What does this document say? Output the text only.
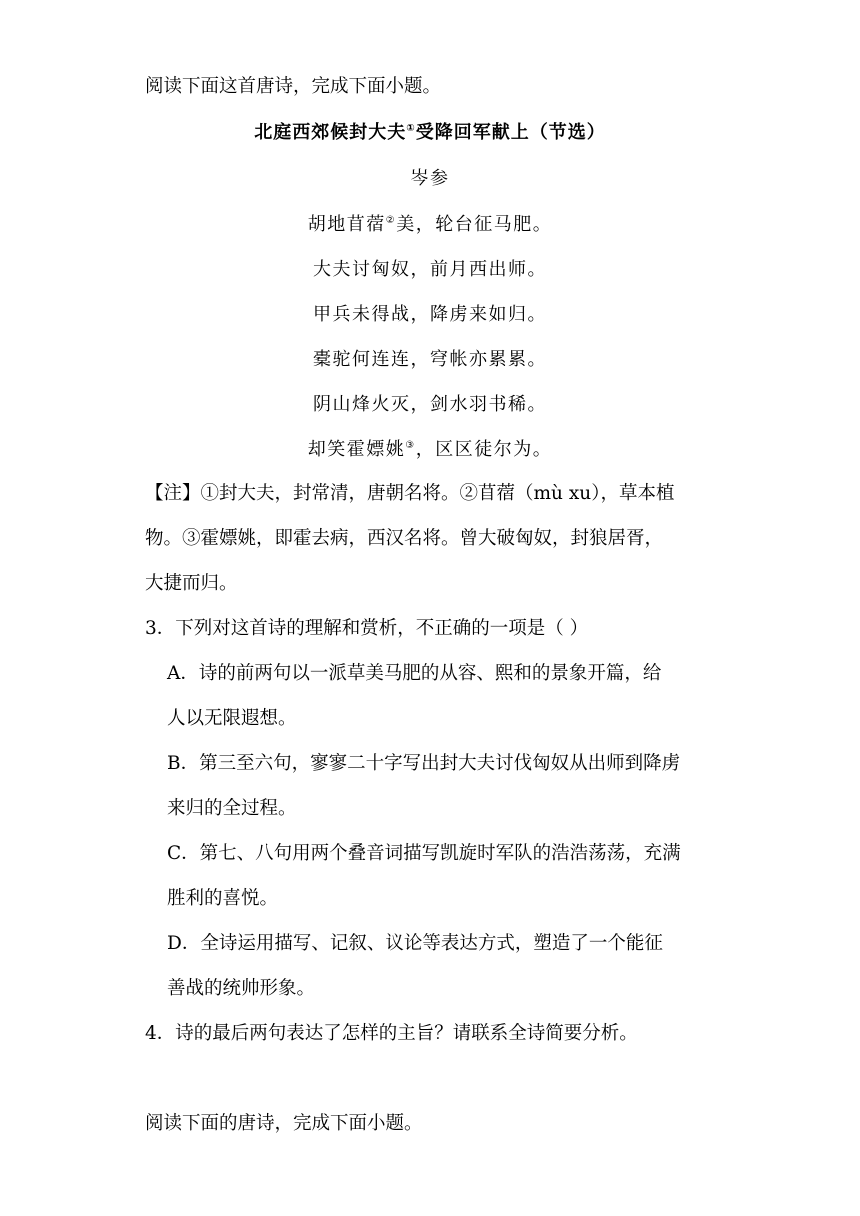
阅读下面这首唐诗，完成下面小题。
北庭西郊候封大夫①受降回军献上（节选）
岑参
胡地苜蓿②美，轮台征马肥。
大夫讨匈奴，前月西出师。
甲兵未得战，降虏来如归。
橐驼何连连，穹帐亦累累。
阴山烽火灭，剑水羽书稀。
却笑霍嫖姚③，区区徒尔为。
【注】①封大夫，封常清，唐朝名将。②苜蓿（mù xu），草本植
物。③霍嫖姚，即霍去病，西汉名将。曾大破匈奴，封狼居胥，
大捷而归。
3．下列对这首诗的理解和赏析，不正确的一项是（ ）
A．诗的前两句以一派草美马肥的从容、熙和的景象开篇，给
人以无限遐想。
B．第三至六句，寥寥二十字写出封大夫讨伐匈奴从出师到降虏
来归的全过程。
C．第七、八句用两个叠音词描写凯旋时军队的浩浩荡荡，充满
胜利的喜悦。
D．全诗运用描写、记叙、议论等表达方式，塑造了一个能征
善战的统帅形象。
4．诗的最后两句表达了怎样的主旨？请联系全诗简要分析。
阅读下面的唐诗，完成下面小题。
